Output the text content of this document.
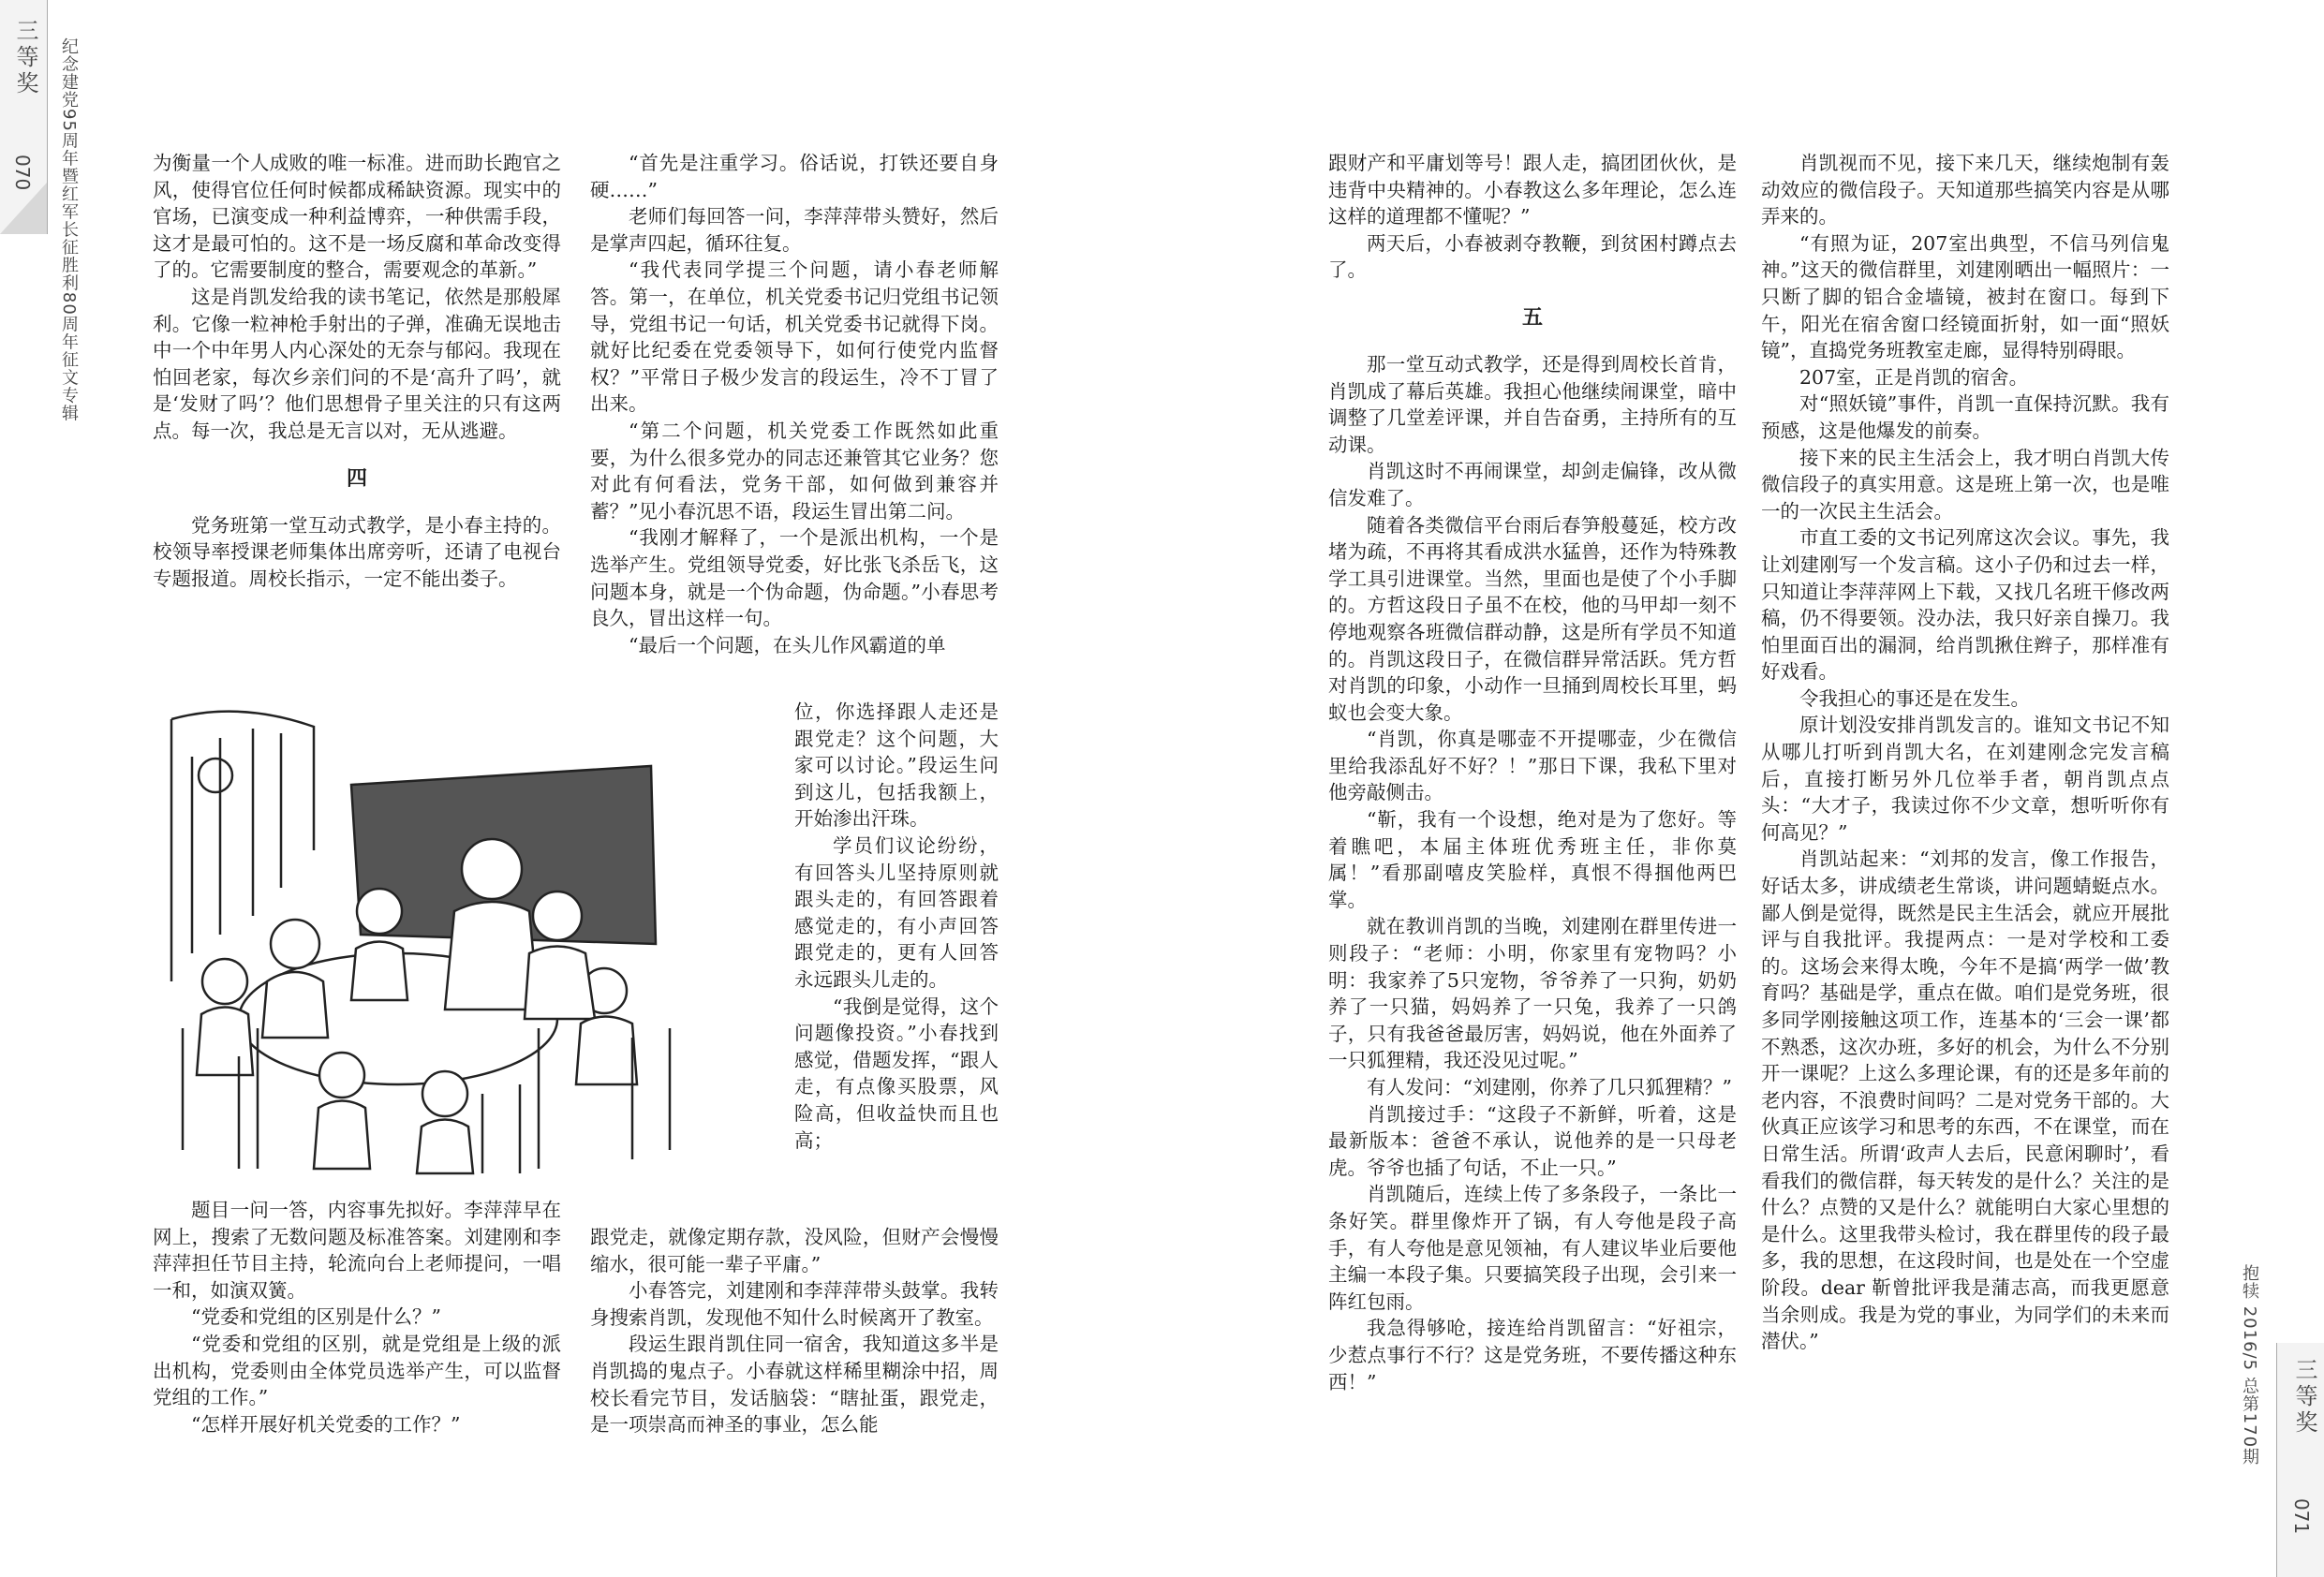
三等奖
070 纪念建党95周年暨红军长征胜利80周年征文专辑
抱犊 2016/5 总第170期 三等奖
071

为衡量一个人成败的唯一标准。进而助长跑官之风，使得官位任何时候都成稀缺资源。现实中的官场，已演变成一种利益博弈，一种供需手段，这才是最可怕的。这不是一场反腐和革命改变得了的。它需要制度的整合，需要观念的革新。”

这是肖凯发给我的读书笔记，依然是那般犀利。它像一粒神枪手射出的子弹，准确无误地击中一个中年男人内心深处的无奈与郁闷。我现在怕回老家，每次乡亲们问的不是‘高升了吗’，就是‘发财了吗’？他们思想骨子里关注的只有这两点。每一次，我总是无言以对，无从逃避。

四

党务班第一堂互动式教学，是小春主持的。校领导率授课老师集体出席旁听，还请了电视台专题报道。周校长指示，一定不能出娄子。

题目一问一答，内容事先拟好。李萍萍早在网上，搜索了无数问题及标准答案。刘建刚和李萍萍担任节目主持，轮流向台上老师提问，一唱一和，如演双簧。

“党委和党组的区别是什么？”

“党委和党组的区别，就是党组是上级的派出机构，党委则由全体党员选举产生，可以监督党组的工作。”

“怎样开展好机关党委的工作？”

“首先是注重学习。俗话说，打铁还要自身硬……”

老师们每回答一问，李萍萍带头赞好，然后是掌声四起，循环往复。

“我代表同学提三个问题，请小春老师解答。第一，在单位，机关党委书记归党组书记领导，党组书记一句话，机关党委书记就得下岗。就好比纪委在党委领导下，如何行使党内监督权？”平常日子极少发言的段运生，冷不丁冒了出来。

“第二个问题，机关党委工作既然如此重要，为什么很多党办的同志还兼管其它业务？您对此有何看法，党务干部，如何做到兼容并蓄？”见小春沉思不语，段运生冒出第二问。

“我刚才解释了，一个是派出机构，一个是选举产生。党组领导党委，好比张飞杀岳飞，这问题本身，就是一个伪命题，伪命题。”小春思考良久，冒出这样一句。

“最后一个问题，在头儿作风霸道的单

位，你选择跟人走还是跟党走？这个问题，大家可以讨论。”段运生问到这儿，包括我额上，开始渗出汗珠。

学员们议论纷纷，有回答头儿坚持原则就跟头走的，有回答跟着感觉走的，有小声回答跟党走的，更有人回答永远跟头儿走的。

“我倒是觉得，这个问题像投资。”小春找到感觉，借题发挥，“跟人走，有点像买股票，风险高，但收益快而且也高；

跟党走，就像定期存款，没风险，但财产会慢慢缩水，很可能一辈子平庸。”

小春答完，刘建刚和李萍萍带头鼓掌。我转身搜索肖凯，发现他不知什么时候离开了教室。

段运生跟肖凯住同一宿舍，我知道这多半是肖凯捣的鬼点子。小春就这样稀里糊涂中招，周校长看完节目，发话脑袋：“瞎扯蛋，跟党走，是一项崇高而神圣的事业，怎么能

跟财产和平庸划等号！跟人走，搞团团伙伙，是违背中央精神的。小春教这么多年理论，怎么连这样的道理都不懂呢？”

两天后，小春被剥夺教鞭，到贫困村蹲点去了。

五

那一堂互动式教学，还是得到周校长首肯，肖凯成了幕后英雄。我担心他继续闹课堂，暗中调整了几堂差评课，并自告奋勇，主持所有的互动课。

肖凯这时不再闹课堂，却剑走偏锋，改从微信发难了。

随着各类微信平台雨后春笋般蔓延，校方改堵为疏，不再将其看成洪水猛兽，还作为特殊教学工具引进课堂。当然，里面也是使了个小手脚的。方哲这段日子虽不在校，他的马甲却一刻不停地观察各班微信群动静，这是所有学员不知道的。肖凯这段日子，在微信群异常活跃。凭方哲对肖凯的印象，小动作一旦捅到周校长耳里，蚂蚁也会变大象。

“肖凯，你真是哪壶不开提哪壶，少在微信里给我添乱好不好？！”那日下课，我私下里对他旁敲侧击。

“靳，我有一个设想，绝对是为了您好。等着瞧吧，本届主体班优秀班主任，非你莫属！”看那副嘻皮笑脸样，真恨不得掴他两巴掌。

就在教训肖凯的当晚，刘建刚在群里传进一则段子：“老师：小明，你家里有宠物吗？小明：我家养了5只宠物，爷爷养了一只狗，奶奶养了一只猫，妈妈养了一只兔，我养了一只鸽子，只有我爸爸最厉害，妈妈说，他在外面养了一只狐狸精，我还没见过呢。”

有人发问：“刘建刚，你养了几只狐狸精？”

肖凯接过手：“这段子不新鲜，听着，这是最新版本：爸爸不承认，说他养的是一只母老虎。爷爷也插了句话，不止一只。”

肖凯随后，连续上传了多条段子，一条比一条好笑。群里像炸开了锅，有人夸他是段子高手，有人夸他是意见领袖，有人建议毕业后要他主编一本段子集。只要搞笑段子出现，会引来一阵红包雨。

我急得够呛，接连给肖凯留言：“好祖宗，少惹点事行不行？这是党务班，不要传播这种东西！”

肖凯视而不见，接下来几天，继续炮制有轰动效应的微信段子。天知道那些搞笑内容是从哪弄来的。

“有照为证，207室出典型，不信马列信鬼神。”这天的微信群里，刘建刚晒出一幅照片：一只断了脚的铝合金墙镜，被封在窗口。每到下午，阳光在宿舍窗口经镜面折射，如一面“照妖镜”，直捣党务班教室走廊，显得特别碍眼。

207室，正是肖凯的宿舍。

对“照妖镜”事件，肖凯一直保持沉默。我有预感，这是他爆发的前奏。

接下来的民主生活会上，我才明白肖凯大传微信段子的真实用意。这是班上第一次，也是唯一的一次民主生活会。

市直工委的文书记列席这次会议。事先，我让刘建刚写一个发言稿。这小子仍和过去一样，只知道让李萍萍网上下载，又找几名班干修改两稿，仍不得要领。没办法，我只好亲自操刀。我怕里面百出的漏洞，给肖凯揪住辫子，那样准有好戏看。

令我担心的事还是在发生。

原计划没安排肖凯发言的。谁知文书记不知从哪儿打听到肖凯大名，在刘建刚念完发言稿后，直接打断另外几位举手者，朝肖凯点点头：“大才子，我读过你不少文章，想听听你有何高见？”

肖凯站起来：“刘邦的发言，像工作报告，好话太多，讲成绩老生常谈，讲问题蜻蜓点水。鄙人倒是觉得，既然是民主生活会，就应开展批评与自我批评。我提两点：一是对学校和工委的。这场会来得太晚，今年不是搞‘两学一做’教育吗？基础是学，重点在做。咱们是党务班，很多同学刚接触这项工作，连基本的‘三会一课’都不熟悉，这次办班，多好的机会，为什么不分别开一课呢？上这么多理论课，有的还是多年前的老内容，不浪费时间吗？二是对党务干部的。大伙真正应该学习和思考的东西，不在课堂，而在日常生活。所谓‘政声人去后，民意闲聊时’，看看我们的微信群，每天转发的是什么？关注的是什么？点赞的又是什么？就能明白大家心里想的是什么。这里我带头检讨，我在群里传的段子最多，我的思想，在这段时间，也是处在一个空虚阶段。dear 靳曾批评我是蒲志高，而我更愿意当余则成。我是为党的事业，为同学们的未来而潜伏。”
